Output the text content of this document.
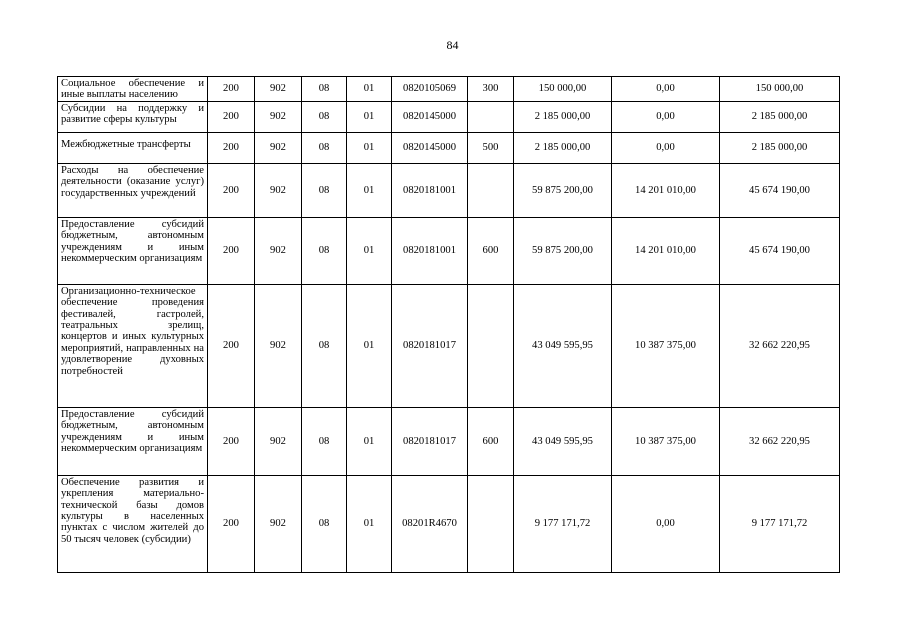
84
Социальное обеспечение и иные выплаты населению	200	902	08	01	0820105069	300	150 000,00	0,00	150 000,00
Субсидии на поддержку и развитие сферы культуры	200	902	08	01	0820145000		2 185 000,00	0,00	2 185 000,00
Межбюджетные трансферты	200	902	08	01	0820145000	500	2 185 000,00	0,00	2 185 000,00
Расходы на обеспечение деятельности (оказание услуг) государственных учреждений	200	902	08	01	0820181001		59 875 200,00	14 201 010,00	45 674 190,00
Предоставление субсидий бюджетным, автономным учреждениям и иным некоммерческим организациям	200	902	08	01	0820181001	600	59 875 200,00	14 201 010,00	45 674 190,00
Организационно-техническое обеспечение проведения фестивалей, гастролей, театральных зрелищ, концертов и иных культурных мероприятий, направленных на удовлетворение духовных потребностей	200	902	08	01	0820181017		43 049 595,95	10 387 375,00	32 662 220,95
Предоставление субсидий бюджетным, автономным учреждениям и иным некоммерческим организациям	200	902	08	01	0820181017	600	43 049 595,95	10 387 375,00	32 662 220,95
Обеспечение развития и укрепления материально-технической базы домов культуры в населенных пунктах с числом жителей до 50 тысяч человек (субсидии)	200	902	08	01	08201R4670		9 177 171,72	0,00	9 177 171,72
